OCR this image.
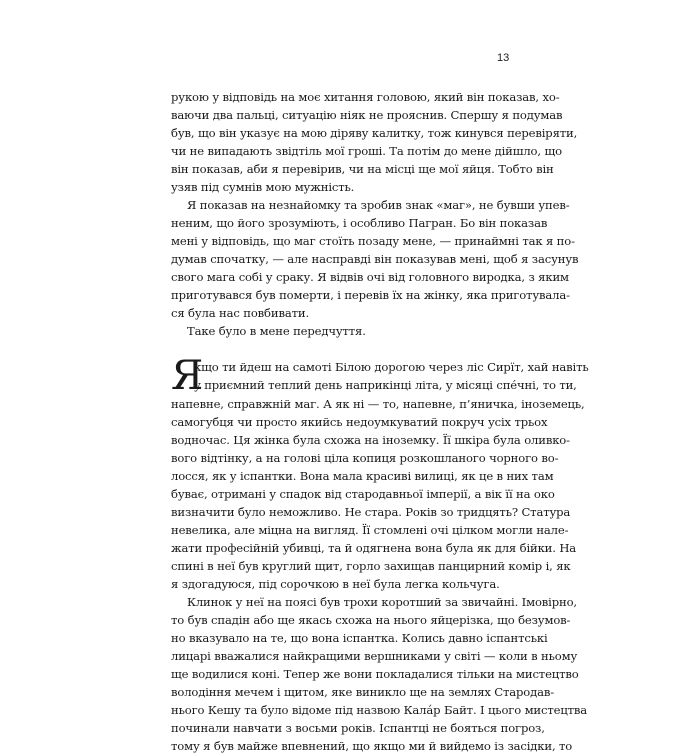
13
рукою у відповідь на моє хитання головою, який він показав, хо-
ваючи два пальці, ситуацію ніяк не прояснив. Спершу я подумав
був, що він указує на мою діряву калитку, тож кинувся перевіряти,
чи не випадають звідтіль мої гроші. Та потім до мене дійшло, що
він показав, аби я перевірив, чи на місці ще мої яйця. Тобто він
узяв під сумнів мою мужність.
Я показав на незнайомку та зробив знак «маг», не бувши упев-
неним, що його зрозуміють, і особливо Пагран. Бо він показав
мені у відповідь, що маг стоїть позаду мене, — принаймні так я по-
думав спочатку, — але насправді він показував мені, щоб я засунув
свого мага собі у сраку. Я відвів очі від головного виродка, з яким
приготувався був померти, і перевів їх на жінку, яка приготувала-
ся була нас повбивати.
Таке було в мене передчуття.
Я
кщо ти йдеш на самоті Білою дорогою через ліс Сирїт, хай навіть
у приємний теплий день наприкінці літа, у місяці спе́чні, то ти,
напевне, справжній маг. А як ні — то, напевне, п’яничка, іноземець,
самогубця чи просто якийсь недоумкуватий покруч усіх трьох
водночас. Ця жінка була схожа на іноземку. Її шкіра була оливко-
вого відтінку, а на голові ціла копиця розкошланого чорного во-
лосся, як у іспантки. Вона мала красиві вилиці, як це в них там
буває, отримані у спадок від стародавньої імперії, а вік її на око
визначити було неможливо. Не стара. Років зо тридцять? Статура
невелика, але міцна на вигляд. Її стомлені очі цілком могли нале-
жати професійній убивці, та й одягнена вона була як для бійки. На
спині в неї був круглий щит, горло захищав панцирний комір і, як
я здогадуюся, під сорочкою в неї була легка кольчуга.
Клинок у неї на поясі був трохи коротший за звичайні. Імовірно,
то був спадін або ще якась схожа на нього яйцерізка, що безумов-
но вказувало на те, що вона іспантка. Колись давно іспантські
лицарі вважалися найкращими вершниками у світі — коли в ньому
ще водилися коні. Тепер же вони покладалися тільки на мистецтво
володіння мечем і щитом, яке виникло ще на землях Стародав-
нього Кешу та було відоме під назвою Калáр Байт. І цього мистецтва
починали навчати з восьми років. Іспантці не бояться погроз,
тому я був майже впевнений, що якщо ми й вийдемо із засідки, то
